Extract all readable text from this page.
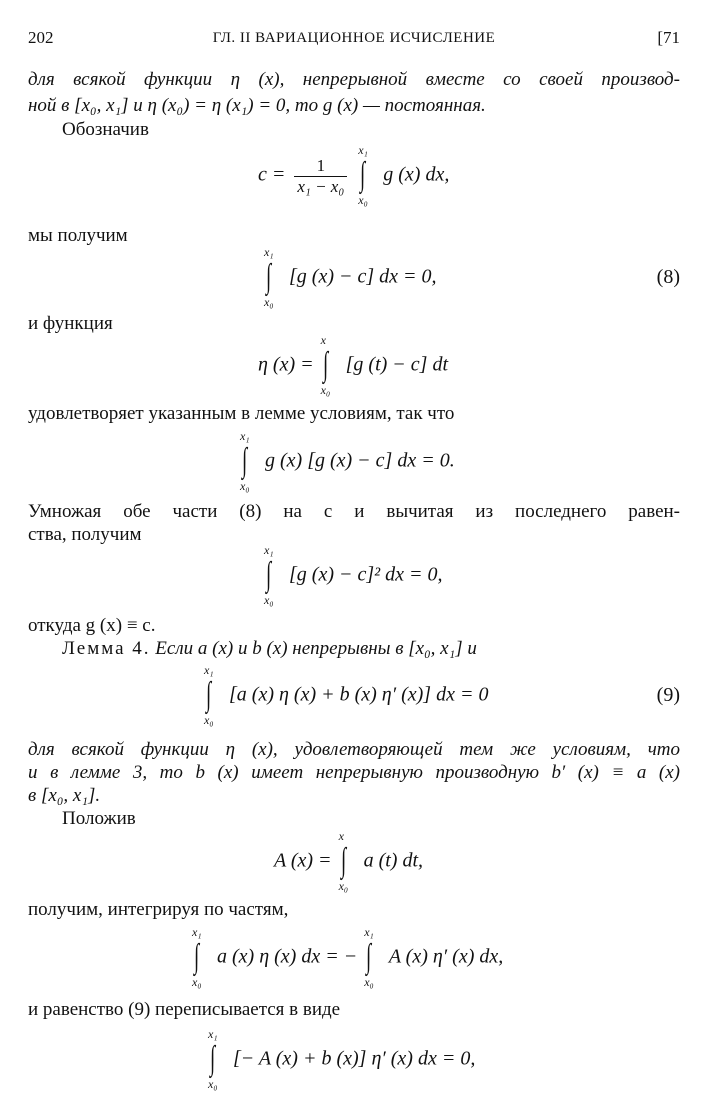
202	ГЛ. II ВАРИАЦИОННОЕ ИСЧИСЛЕНИЕ	[71
для всякой функции η (x), непрерывной вместе со своей производ-
ной в [x₀, x₁] и η (x₀) = η (x₁) = 0, то g (x) — постоянная.
Обозначив
$c = \frac{1}{\text{x₁ − x₀}}$

x₁
∫
x₀
g (x) dx,
мы получим
x₁
∫
x₀
[g (x) − c] dx = 0,	(8)
и функция
η (x) =
x
∫
x₀
[g (t) − c] dt
удовлетворяет указанным в лемме условиям, так что
x₁
∫
x₀
g (x) [g (x) − c] dx = 0.
Умножая обе части (8) на c и вычитая из последнего равен-
ства, получим
x₁
∫
x₀
[g (x) − c]² dx = 0,
откуда g (x) ≡ c.
Лемма 4. Если a (x) и b (x) непрерывны в [x₀, x₁] и
x₁
∫
x₀
[a (x) η (x) + b (x) η′ (x)] dx = 0	(9)
для всякой функции η (x), удовлетворяющей тем же условиям, что
и в лемме 3, то b (x) имеет непрерывную производную b′ (x) ≡ a (x)
в [x₀, x₁].
Положив
A (x) =
x
∫
x₀
a (t) dt,
получим, интегрируя по частям,
x₁
∫
x₀
a (x) η (x) dx = −
x₁
∫
x₀
A (x) η′ (x) dx,
и равенство (9) переписывается в виде
x₁
∫
x₀
[− A (x) + b (x)] η′ (x) dx = 0,
